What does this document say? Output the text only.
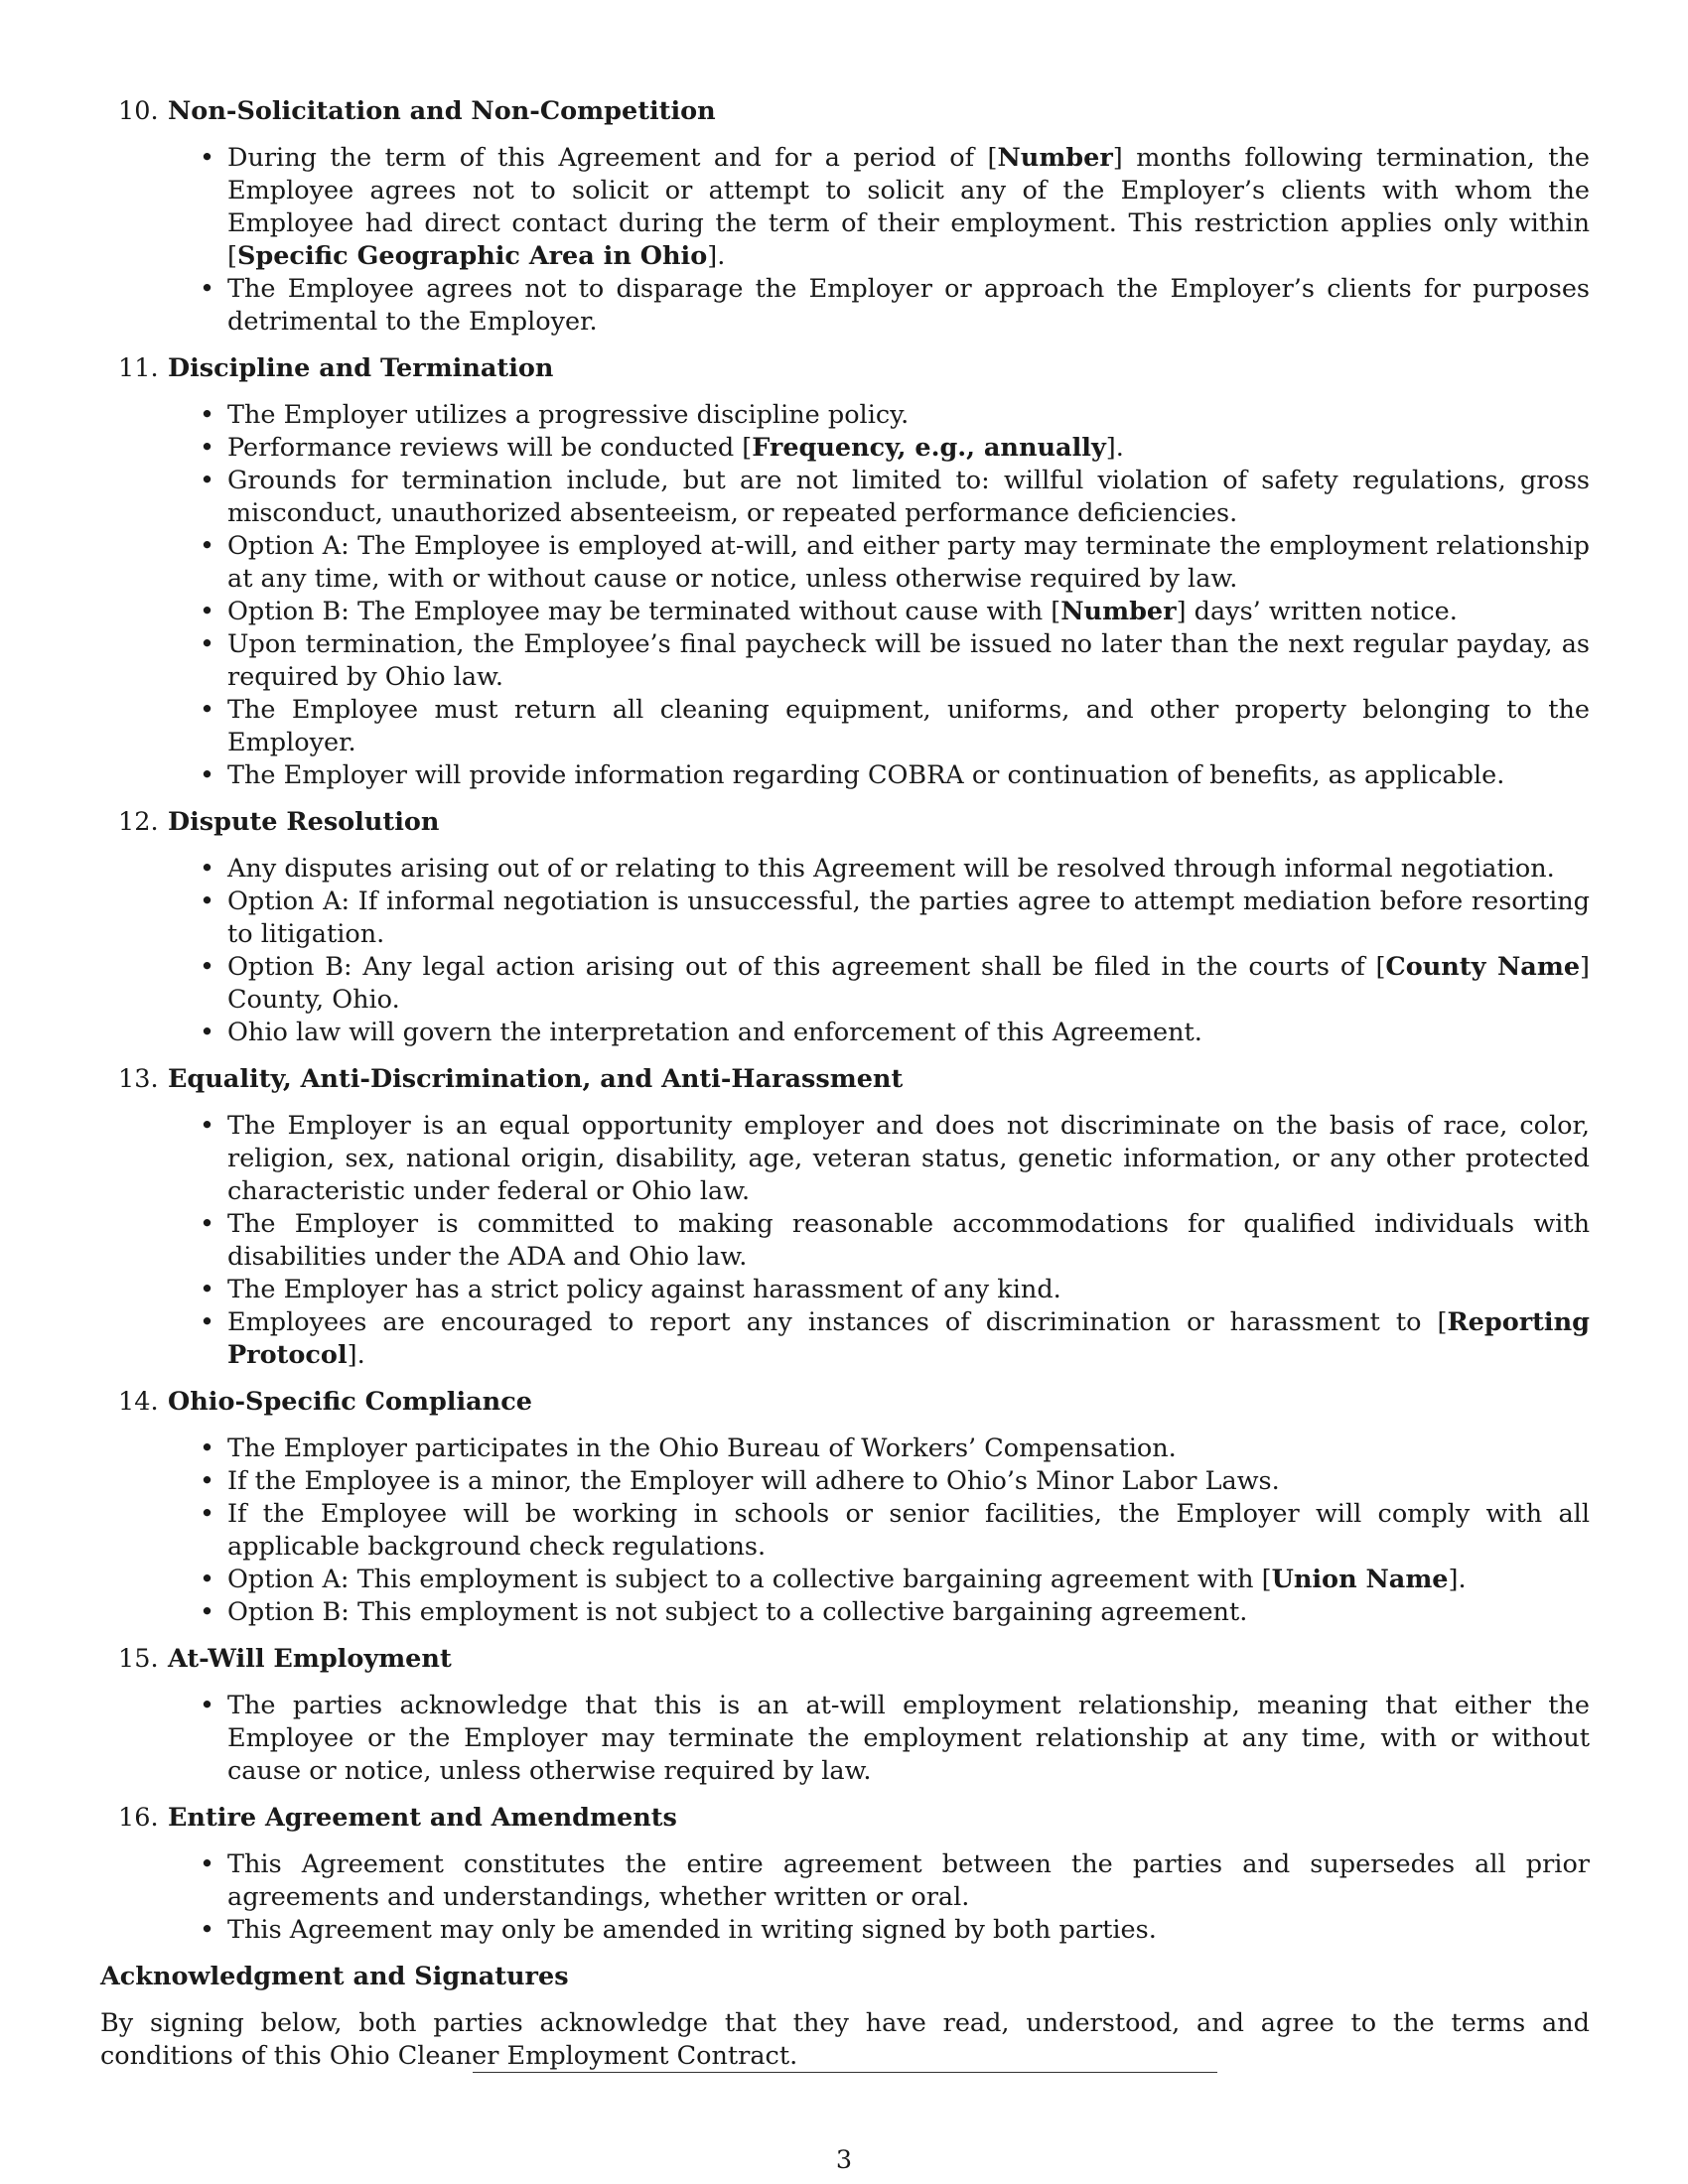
10. Non-Solicitation and Non-Competition
• During the term of this Agreement and for a period of [Number] months following termination, the Employee agrees not to solicit or attempt to solicit any of the Employer’s clients with whom the Employee had direct contact during the term of their employment. This restriction applies only within [Specific Geographic Area in Ohio].
• The Employee agrees not to disparage the Employer or approach the Employer’s clients for purposes detrimental to the Employer.
11. Discipline and Termination
• The Employer utilizes a progressive discipline policy.
• Performance reviews will be conducted [Frequency, e.g., annually].
• Grounds for termination include, but are not limited to: willful violation of safety regulations, gross misconduct, unauthorized absenteeism, or repeated performance deficiencies.
• Option A: The Employee is employed at-will, and either party may terminate the employment relationship at any time, with or without cause or notice, unless otherwise required by law.
• Option B: The Employee may be terminated without cause with [Number] days’ written notice.
• Upon termination, the Employee’s final paycheck will be issued no later than the next regular payday, as required by Ohio law.
• The Employee must return all cleaning equipment, uniforms, and other property belonging to the Employer.
• The Employer will provide information regarding COBRA or continuation of benefits, as applicable.
12. Dispute Resolution
• Any disputes arising out of or relating to this Agreement will be resolved through informal negotiation.
• Option A: If informal negotiation is unsuccessful, the parties agree to attempt mediation before resorting to litigation.
• Option B: Any legal action arising out of this agreement shall be filed in the courts of [County Name] County, Ohio.
• Ohio law will govern the interpretation and enforcement of this Agreement.
13. Equality, Anti-Discrimination, and Anti-Harassment
• The Employer is an equal opportunity employer and does not discriminate on the basis of race, color, religion, sex, national origin, disability, age, veteran status, genetic information, or any other protected characteristic under federal or Ohio law.
• The Employer is committed to making reasonable accommodations for qualified individuals with disabilities under the ADA and Ohio law.
• The Employer has a strict policy against harassment of any kind.
• Employees are encouraged to report any instances of discrimination or harassment to [Reporting Protocol].
14. Ohio-Specific Compliance
• The Employer participates in the Ohio Bureau of Workers’ Compensation.
• If the Employee is a minor, the Employer will adhere to Ohio’s Minor Labor Laws.
• If the Employee will be working in schools or senior facilities, the Employer will comply with all applicable background check regulations.
• Option A: This employment is subject to a collective bargaining agreement with [Union Name].
• Option B: This employment is not subject to a collective bargaining agreement.
15. At-Will Employment
• The parties acknowledge that this is an at-will employment relationship, meaning that either the Employee or the Employer may terminate the employment relationship at any time, with or without cause or notice, unless otherwise required by law.
16. Entire Agreement and Amendments
• This Agreement constitutes the entire agreement between the parties and supersedes all prior agreements and understandings, whether written or oral.
• This Agreement may only be amended in writing signed by both parties.
Acknowledgment and Signatures
By signing below, both parties acknowledge that they have read, understood, and agree to the terms and conditions of this Ohio Cleaner Employment Contract.
3
